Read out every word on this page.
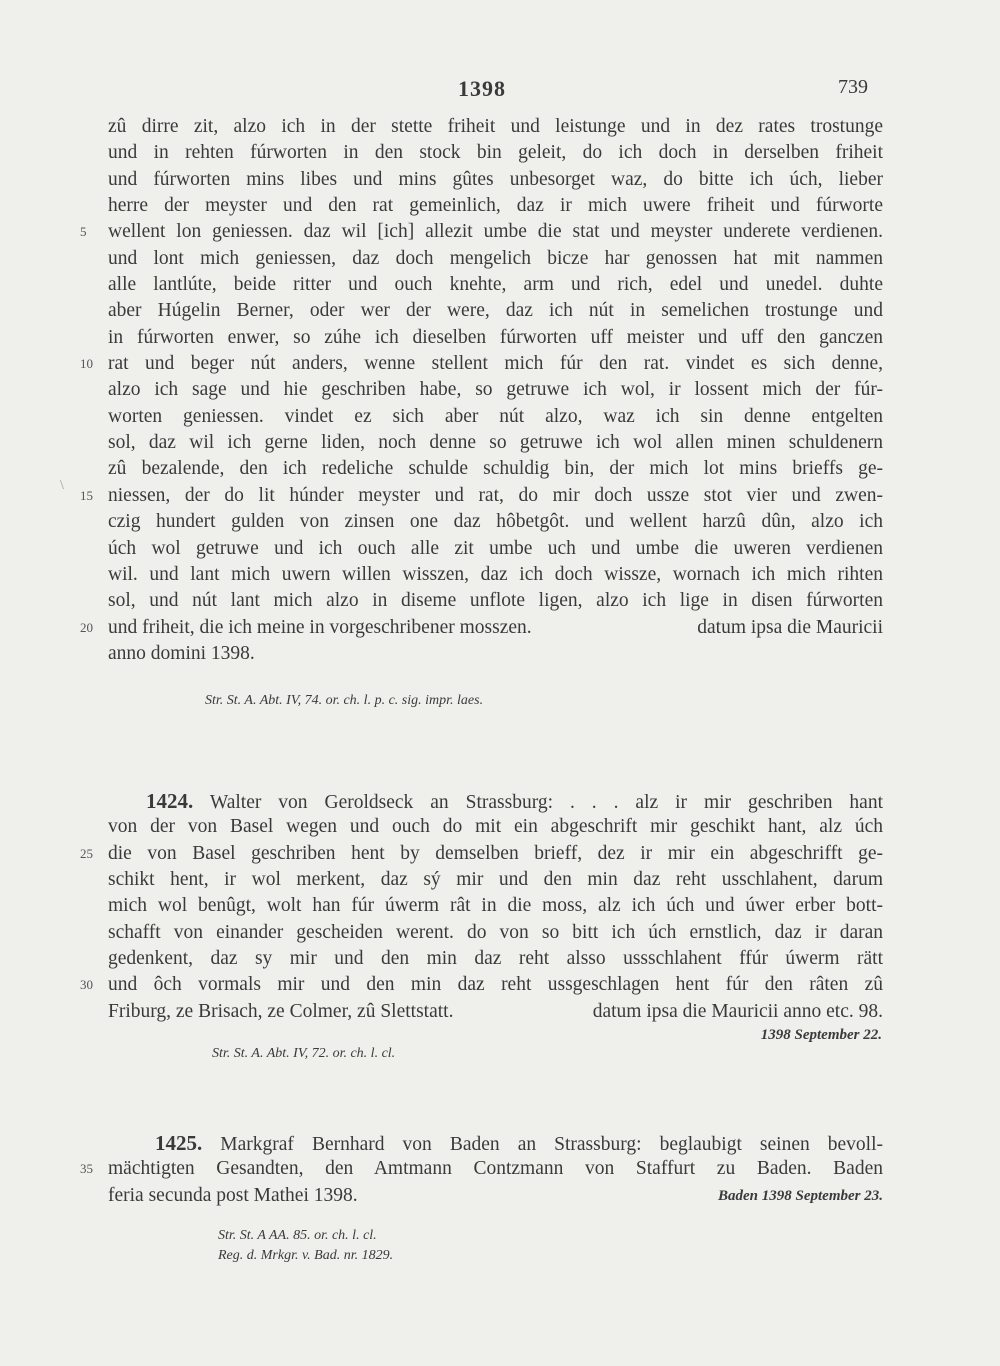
1398	739
zû dirre zit, alzo ich in der stette friheit und leistunge und in dez rates trostunge
und in rehten fúrworten in den stock bin geleit, do ich doch in derselben friheit
und fúrworten mins libes und mins gûtes unbesorget waz, do bitte ich úch, lieber
herre der meyster und den rat gemeinlich, daz ir mich uwere friheit und fúrworte
5 wellent lon geniessen. daz wil [ich] allezit umbe die stat und meyster underete verdienen.
und lont mich geniessen, daz doch mengelich bicze har genossen hat mit nammen
alle lantlúte, beide ritter und ouch knehte, arm und rich, edel und unedel. duhte
aber Húgelin Berner, oder wer der were, daz ich nút in semelichen trostunge und
in fúrworten enwer, so zúhe ich dieselben fúrworten uff meister und uff den ganczen
10 rat und beger nút anders, wenne stellent mich fúr den rat. vindet es sich denne,
alzo ich sage und hie geschriben habe, so getruwe ich wol, ir lossent mich der fúr-
worten geniessen. vindet ez sich aber nút alzo, waz ich sin denne entgelten
sol, daz wil ich gerne liden, noch denne so getruwe ich wol allen minen schuldenern
zû bezalende, den ich redeliche schulde schuldig bin, der mich lot mins brieffs ge-
15 niessen, der do lit húnder meyster und rat, do mir doch ussze stot vier und zwen-
czig hundert gulden von zinsen one daz hôbetgôt. und wellent harzû dûn, alzo ich
úch wol getruwe und ich ouch alle zit umbe uch und umbe die uweren verdienen
wil. und lant mich uwern willen wisszen, daz ich doch wissze, wornach ich mich rihten
sol, und nút lant mich alzo in diseme unflote ligen, alzo ich lige in disen fúrworten
20 und friheit, die ich meine in vorgeschribener mosszen.	datum ipsa die Mauricii
anno domini 1398.
Str. St. A. Abt. IV, 74. or. ch. l. p. c. sig. impr. laes.
\
1424. Walter von Geroldseck an Strassburg: . . . alz ir mir geschriben hant
von der von Basel wegen und ouch do mit ein abgeschrift mir geschikt hant, alz úch
25 die von Basel geschriben hent by demselben brieff, dez ir mir ein abgeschrifft ge-
schikt hent, ir wol merkent, daz sý mir und den min daz reht usschlahent, darum
mich wol benûgt, wolt han fúr úwerm rât in die moss, alz ich úch und úwer erber bott-
schafft von einander gescheiden werent. do von so bitt ich úch ernstlich, daz ir daran
gedenkent, daz sy mir und den min daz reht alsso ussschlahent ffúr úwerm rätt
30 und ôch vormals mir und den min daz reht ussgeschlagen hent fúr den râten zû
Friburg, ze Brisach, ze Colmer, zû Slettstatt.	datum ipsa die Mauricii anno etc. 98.
1398 September 22.
Str. St. A. Abt. IV, 72. or. ch. l. cl.
1425. Markgraf Bernhard von Baden an Strassburg: beglaubigt seinen bevoll-
35 mächtigten Gesandten, den Amtmann Contzmann von Staffurt zu Baden. Baden
feria secunda post Mathei 1398.	Baden 1398 September 23.
Str. St. A AA. 85. or. ch. l. cl.
Reg. d. Mrkgr. v. Bad. nr. 1829.
